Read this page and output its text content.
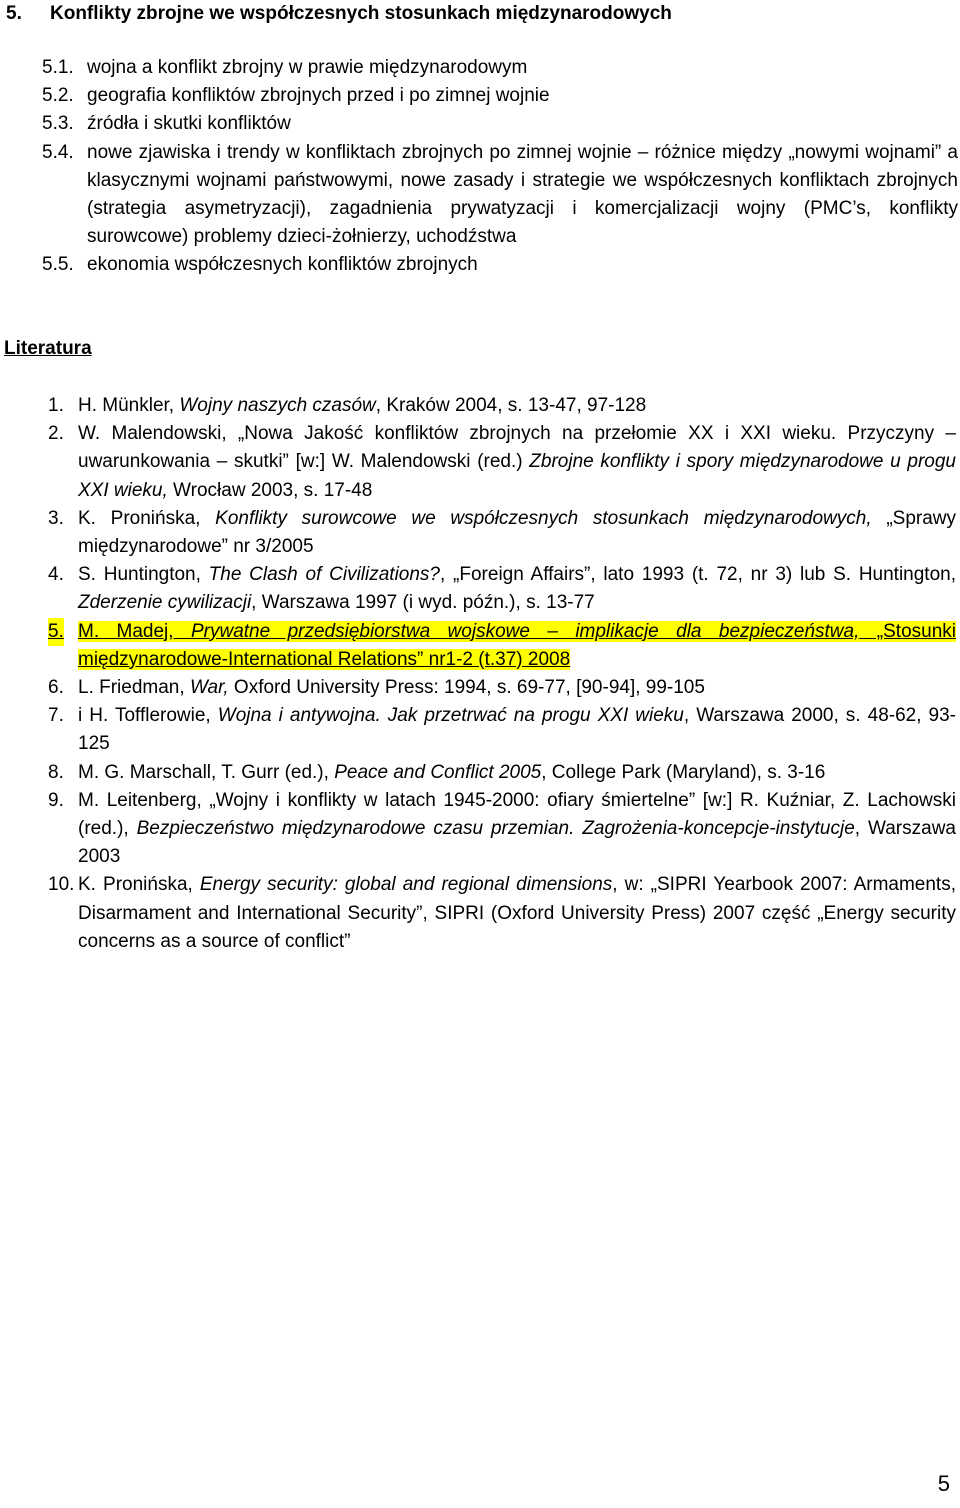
5. Konflikty zbrojne we współczesnych stosunkach międzynarodowych
5.1. wojna a konflikt zbrojny w prawie międzynarodowym
5.2. geografia konfliktów zbrojnych przed i po zimnej wojnie
5.3. źródła i skutki konfliktów
5.4. nowe zjawiska i trendy w konfliktach zbrojnych po zimnej wojnie – różnice między „nowymi wojnami” a klasycznymi wojnami państwowymi, nowe zasady i strategie we współczesnych konfliktach zbrojnych (strategia asymetryzacji), zagadnienia prywatyzacji i komercjalizacji wojny (PMC’s, konflikty surowcowe) problemy dzieci-żołnierzy, uchodźstwa
5.5. ekonomia współczesnych konfliktów zbrojnych
Literatura
1. H. Münkler, Wojny naszych czasów, Kraków 2004, s. 13-47, 97-128
2. W. Malendowski, „Nowa Jakość konfliktów zbrojnych na przełomie XX i XXI wieku. Przyczyny – uwarunkowania – skutki” [w:] W. Malendowski (red.) Zbrojne konflikty i spory międzynarodowe u progu XXI wieku, Wrocław 2003, s. 17-48
3. K. Pronińska, Konflikty surowcowe we współczesnych stosunkach międzynarodowych, „Sprawy międzynarodowe” nr 3/2005
4. S. Huntington, The Clash of Civilizations?, „Foreign Affairs”, lato 1993 (t. 72, nr 3) lub S. Huntington, Zderzenie cywilizacji, Warszawa 1997 (i wyd. późn.), s. 13-77
5. M. Madej, Prywatne przedsiębiorstwa wojskowe – implikacje dla bezpieczeństwa, „Stosunki międzynarodowe-International Relations” nr1-2 (t.37) 2008
6. L. Friedman, War, Oxford University Press: 1994, s. 69-77, [90-94], 99-105
7. i H. Tofflerowie, Wojna i antywojna. Jak przetrwać na progu XXI wieku, Warszawa 2000, s. 48-62, 93-125
8. M. G. Marschall, T. Gurr (ed.), Peace and Conflict 2005, College Park (Maryland), s. 3-16
9. M. Leitenberg, „Wojny i konflikty w latach 1945-2000: ofiary śmiertelne” [w:] R. Kuźniar, Z. Lachowski (red.), Bezpieczeństwo międzynarodowe czasu przemian. Zagrożenia-koncepcje-instytucje, Warszawa 2003
10. K. Pronińska, Energy security: global and regional dimensions, w: „SIPRI Yearbook 2007: Armaments, Disarmament and International Security”, SIPRI (Oxford University Press) 2007 część „Energy security concerns as a source of conflict”
5
